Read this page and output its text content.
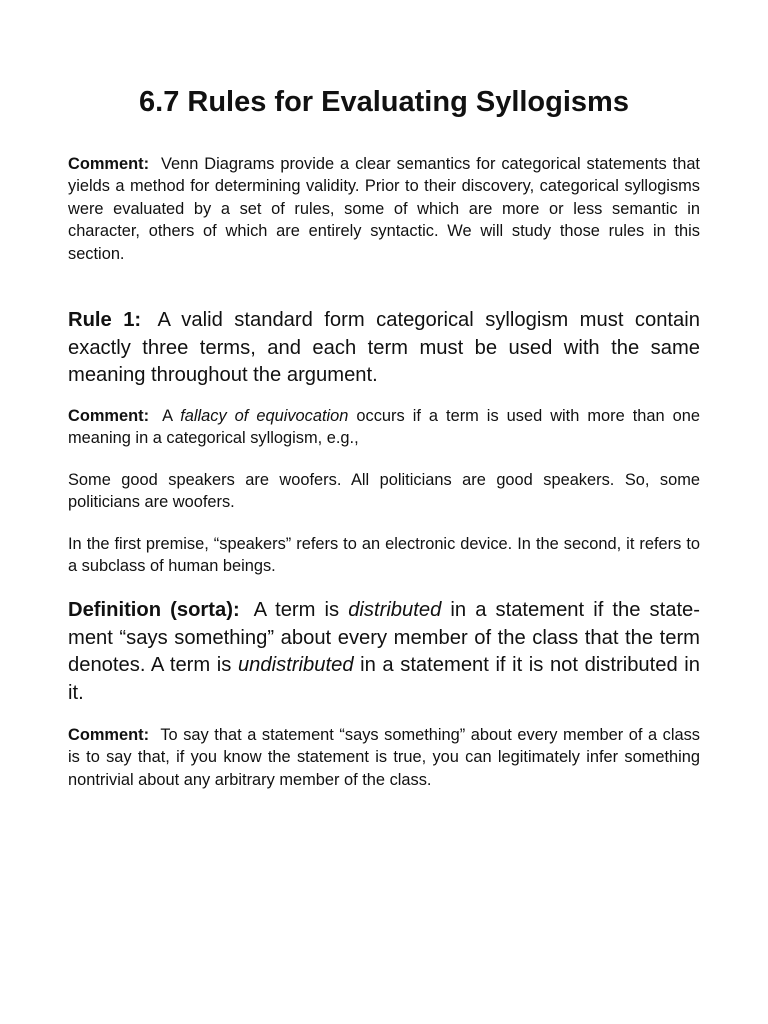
6.7 Rules for Evaluating Syllogisms

Comment: Venn Diagrams provide a clear semantics for categorical statements that yields a method for determining validity. Prior to their discovery, categorical syllogisms were evaluated by a set of rules, some of which are more or less semantic in character, others of which are entirely syntactic. We will study those rules in this section.

Rule 1: A valid standard form categorical syllogism must contain exactly three terms, and each term must be used with the same meaning throughout the argument.

Comment: A fallacy of equivocation occurs if a term is used with more than one meaning in a categorical syllogism, e.g.,

Some good speakers are woofers. All politicians are good speakers. So, some politicians are woofers.

In the first premise, “speakers” refers to an electronic device. In the second, it refers to a subclass of human beings.

Definition (sorta): A term is distributed in a statement if the state-ment “says something” about every member of the class that the term denotes. A term is undistributed in a statement if it is not distributed in it.

Comment: To say that a statement “says something” about every member of a class is to say that, if you know the statement is true, you can legitimately infer something nontrivial about any arbitrary member of the class.
